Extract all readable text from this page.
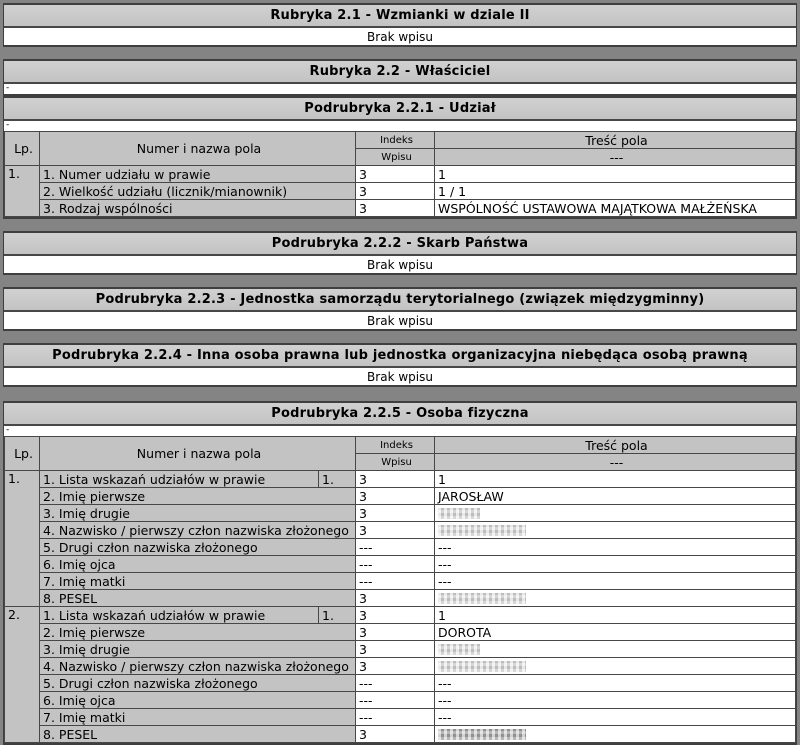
Rubryka 2.1 - Wzmianki w dziale II
Brak wpisu
Rubryka 2.2 - Właściciel
-
Podrubryka 2.2.1 - Udział
-
Lp.	Numer i nazwa pola	Indeks	Treść pola
		Wpisu	---
1.	1. Numer udziału w prawie	3	1
	2. Wielkość udziału (licznik/mianownik)	3	1 / 1
	3. Rodzaj wspólności	3	WSPÓLNOŚĆ USTAWOWA MAJĄTKOWA MAŁŻEŃSKA
Podrubryka 2.2.2 - Skarb Państwa
Brak wpisu
Podrubryka 2.2.3 - Jednostka samorządu terytorialnego (związek międzygminny)
Brak wpisu
Podrubryka 2.2.4 - Inna osoba prawna lub jednostka organizacyjna niebędąca osobą prawną
Brak wpisu
Podrubryka 2.2.5 - Osoba fizyczna
-
Lp.	Numer i nazwa pola		Indeks	Treść pola
			Wpisu	---
1.	1. Lista wskazań udziałów w prawie	1.	3	1
	2. Imię pierwsze		3	JAROSŁAW
	3. Imię drugie		3	

	4. Nazwisko / pierwszy człon nazwiska złożonego		3	

	5. Drugi człon nazwiska złożonego		---	---
	6. Imię ojca		---	---
	7. Imię matki		---	---
	8. PESEL		3	

2.	1. Lista wskazań udziałów w prawie	1.	3	1
	2. Imię pierwsze		3	DOROTA
	3. Imię drugie		3	

	4. Nazwisko / pierwszy człon nazwiska złożonego		3	

	5. Drugi człon nazwiska złożonego		---	---
	6. Imię ojca		---	---
	7. Imię matki		---	---
	8. PESEL		3	
